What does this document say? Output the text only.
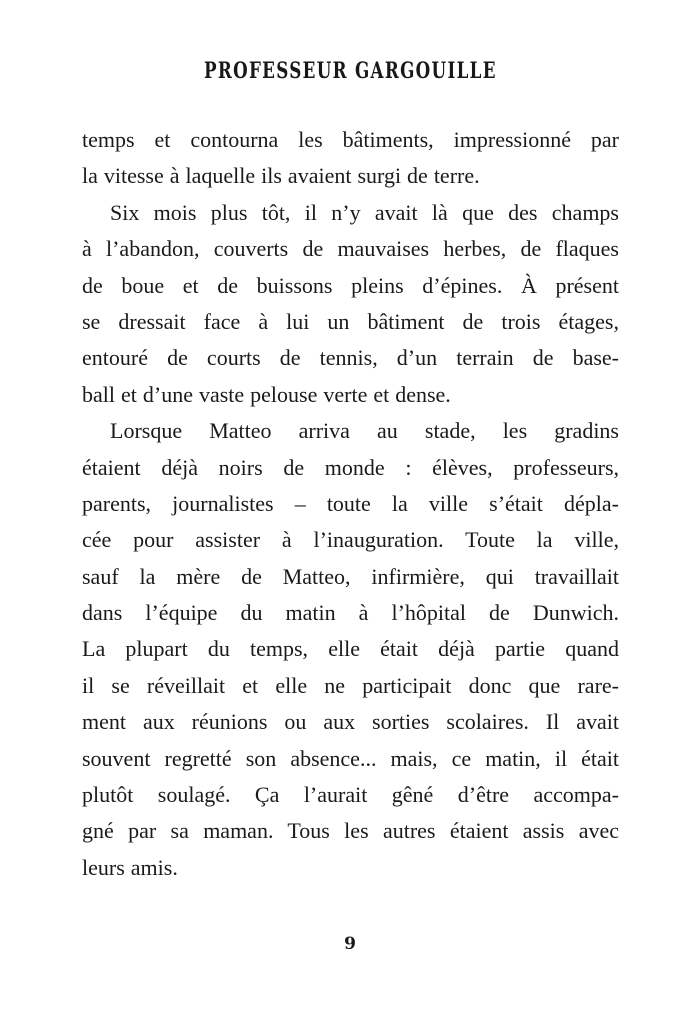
PROFESSEUR GARGOUILLE
temps et contourna les bâtiments, impressionné par
la vitesse à laquelle ils avaient surgi de terre.
Six mois plus tôt, il n’y avait là que des champs
à l’abandon, couverts de mauvaises herbes, de flaques
de boue et de buissons pleins d’épines. À présent
se dressait face à lui un bâtiment de trois étages,
entouré de courts de tennis, d’un terrain de base-
ball et d’une vaste pelouse verte et dense.
Lorsque Matteo arriva au stade, les gradins
étaient déjà noirs de monde : élèves, professeurs,
parents, journalistes – toute la ville s’était dépla-
cée pour assister à l’inauguration. Toute la ville,
sauf la mère de Matteo, infirmière, qui travaillait
dans l’équipe du matin à l’hôpital de Dunwich.
La plupart du temps, elle était déjà partie quand
il se réveillait et elle ne participait donc que rare-
ment aux réunions ou aux sorties scolaires. Il avait
souvent regretté son absence... mais, ce matin, il était
plutôt soulagé. Ça l’aurait gêné d’être accompa-
gné par sa maman. Tous les autres étaient assis avec
leurs amis.
9
